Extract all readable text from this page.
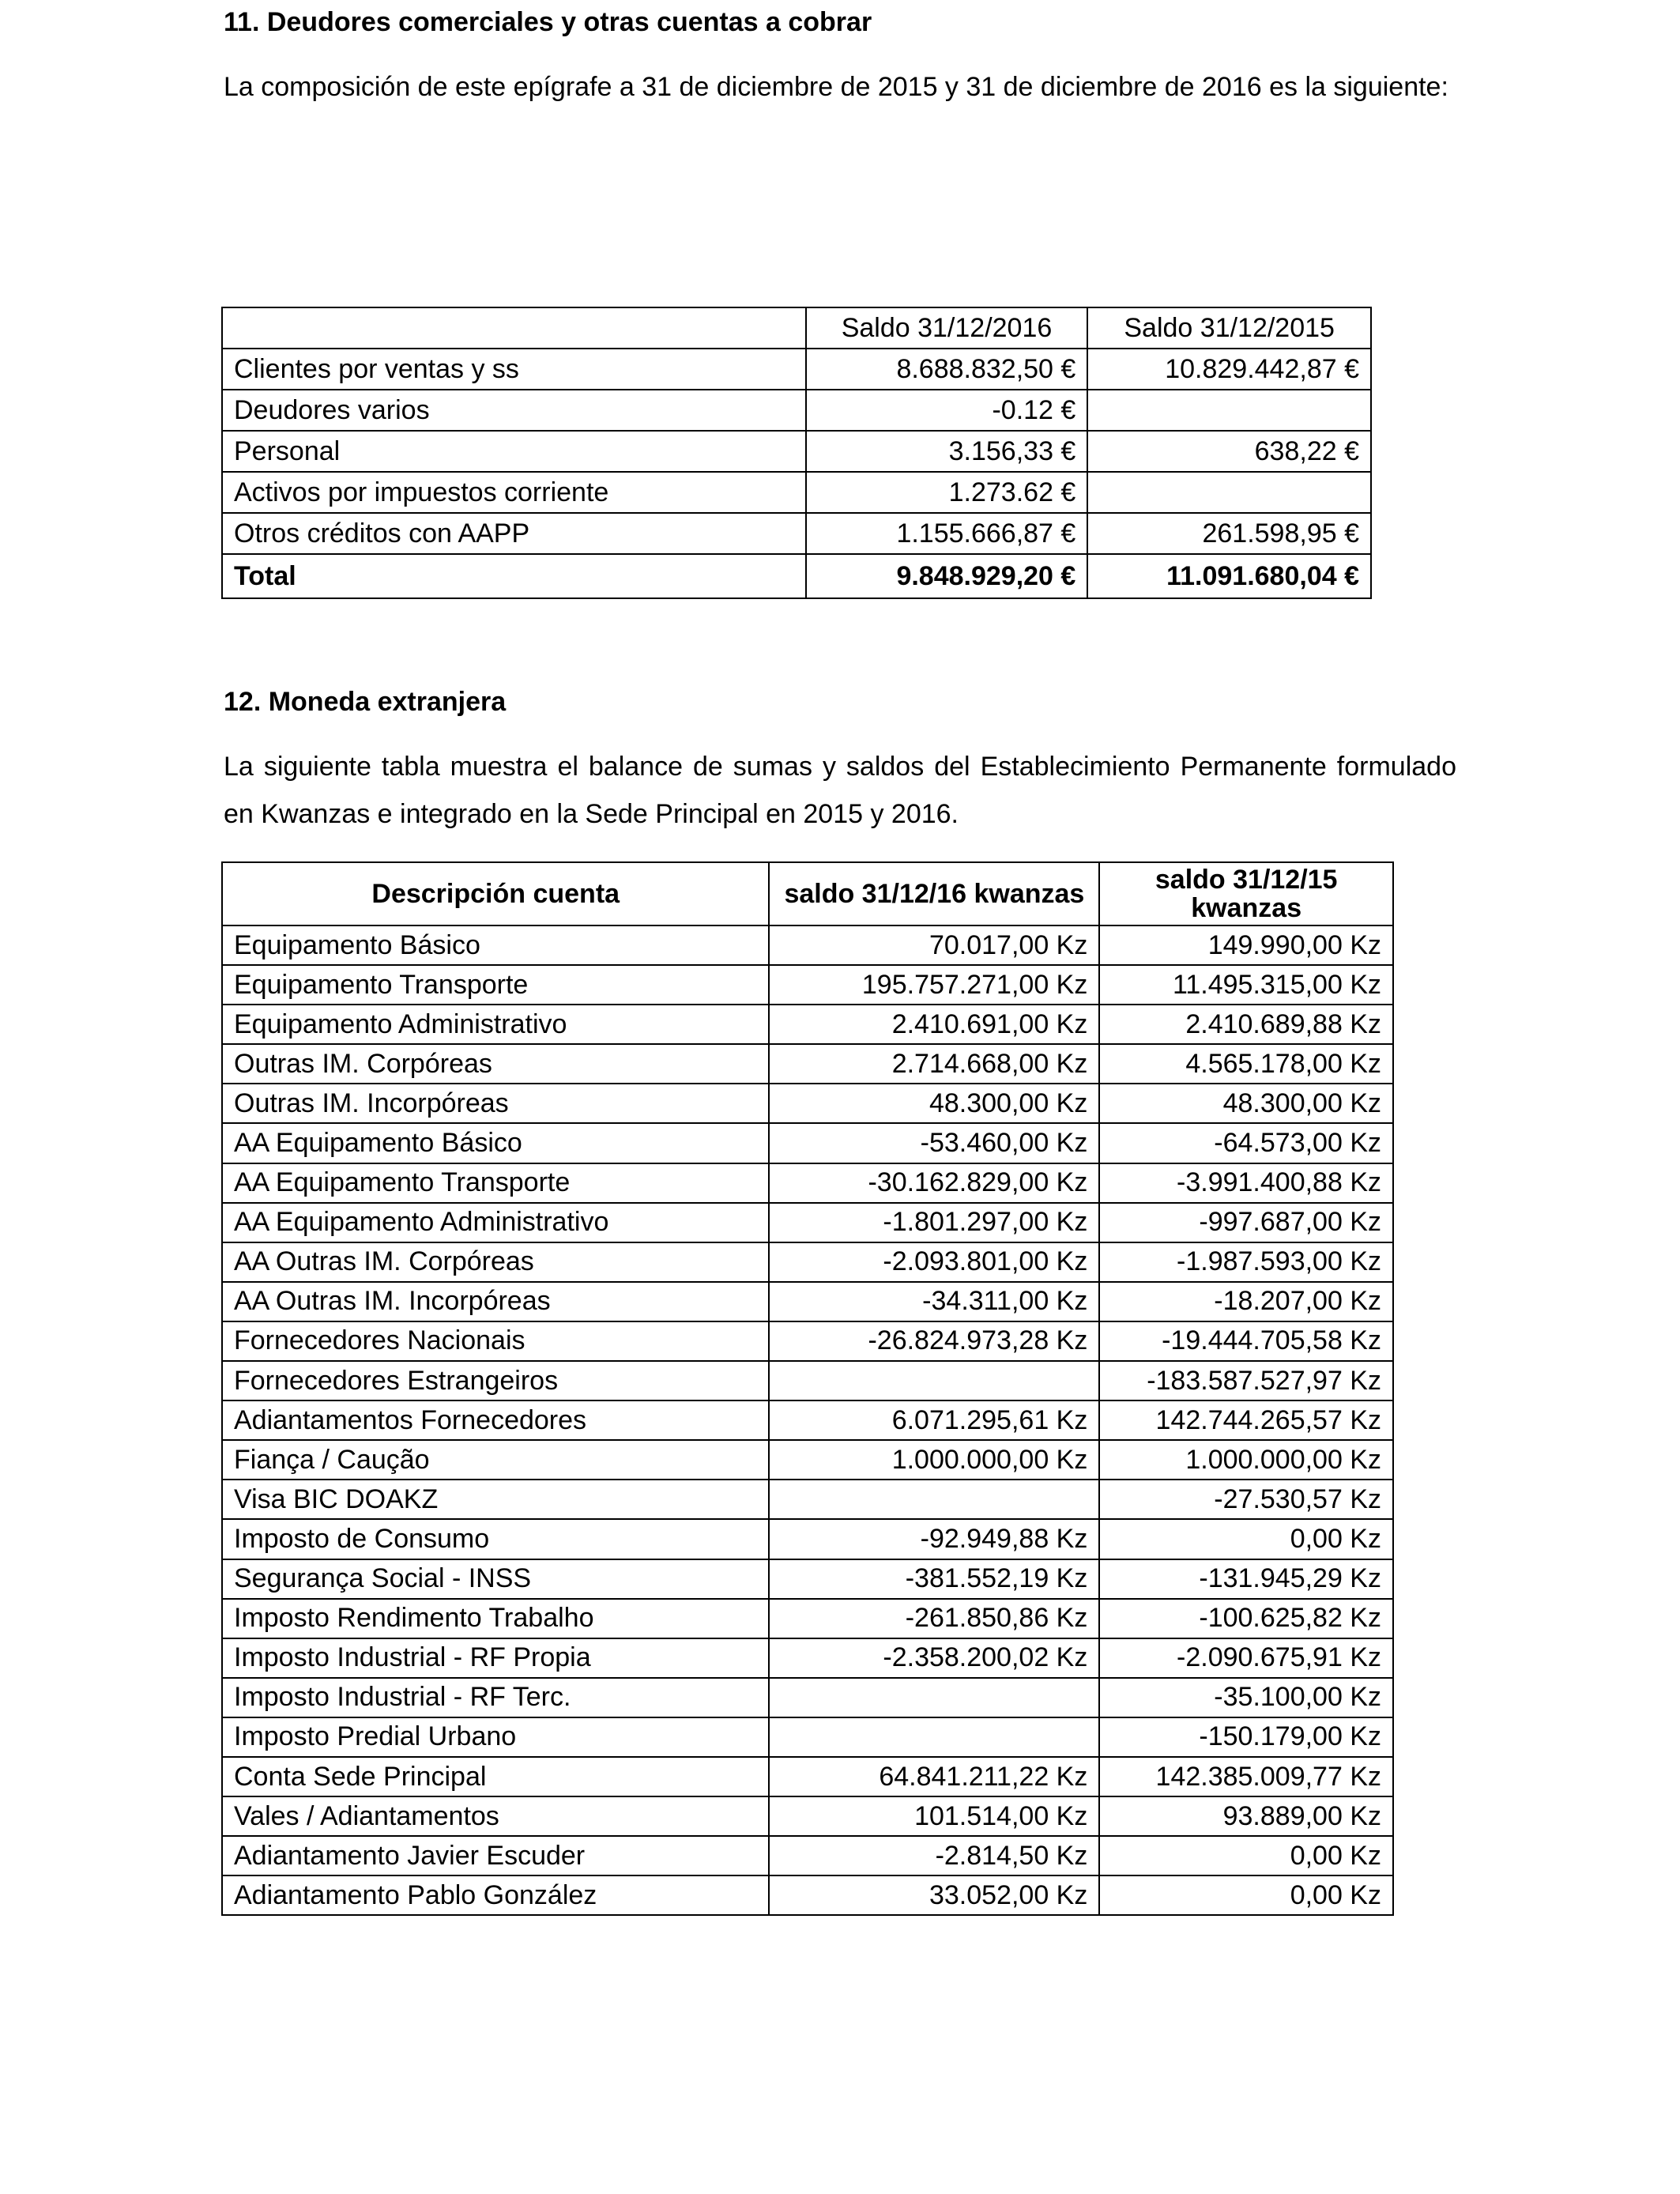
11. Deudores comerciales y otras cuentas a cobrar

La composición de este epígrafe a 31 de diciembre de 2015 y 31 de diciembre de 2016 es la siguiente:

	Saldo 31/12/2016	Saldo 31/12/2015
Clientes por ventas y ss	8.688.832,50 €	10.829.442,87 €
Deudores varios	-0.12 €	
Personal	3.156,33 €	638,22 €
Activos por impuestos corriente	1.273.62 €	
Otros créditos con AAPP	1.155.666,87 €	261.598,95 €
Total	9.848.929,20 €	11.091.680,04 €
12. Moneda extranjera

La siguiente tabla muestra el balance de sumas y saldos del Establecimiento Permanente formulado en Kwanzas e integrado en la Sede Principal en 2015 y 2016.

Descripción cuenta	saldo 31/12/16 kwanzas	saldo 31/12/15 kwanzas
Equipamento Básico	70.017,00 Kz	149.990,00 Kz
Equipamento Transporte	195.757.271,00 Kz	11.495.315,00 Kz
Equipamento Administrativo	2.410.691,00 Kz	2.410.689,88 Kz
Outras IM. Corpóreas	2.714.668,00 Kz	4.565.178,00 Kz
Outras IM. Incorpóreas	48.300,00 Kz	48.300,00 Kz
AA Equipamento Básico	-53.460,00 Kz	-64.573,00 Kz
AA Equipamento Transporte	-30.162.829,00 Kz	-3.991.400,88 Kz
AA Equipamento Administrativo	-1.801.297,00 Kz	-997.687,00 Kz
AA Outras IM. Corpóreas	-2.093.801,00 Kz	-1.987.593,00 Kz
AA Outras IM. Incorpóreas	-34.311,00 Kz	-18.207,00 Kz
Fornecedores Nacionais	-26.824.973,28 Kz	-19.444.705,58 Kz
Fornecedores Estrangeiros		-183.587.527,97 Kz
Adiantamentos Fornecedores	6.071.295,61 Kz	142.744.265,57 Kz
Fiança / Caução	1.000.000,00 Kz	1.000.000,00 Kz
Visa BIC DOAKZ		-27.530,57 Kz
Imposto de Consumo	-92.949,88 Kz	0,00 Kz
Segurança Social - INSS	-381.552,19 Kz	-131.945,29 Kz
Imposto Rendimento Trabalho	-261.850,86 Kz	-100.625,82 Kz
Imposto Industrial - RF Propia	-2.358.200,02 Kz	-2.090.675,91 Kz
Imposto Industrial - RF Terc.		-35.100,00 Kz
Imposto Predial Urbano		-150.179,00 Kz
Conta Sede Principal	64.841.211,22 Kz	142.385.009,77 Kz
Vales / Adiantamentos	101.514,00 Kz	93.889,00 Kz
Adiantamento Javier Escuder	-2.814,50 Kz	0,00 Kz
Adiantamento Pablo González	33.052,00 Kz	0,00 Kz
